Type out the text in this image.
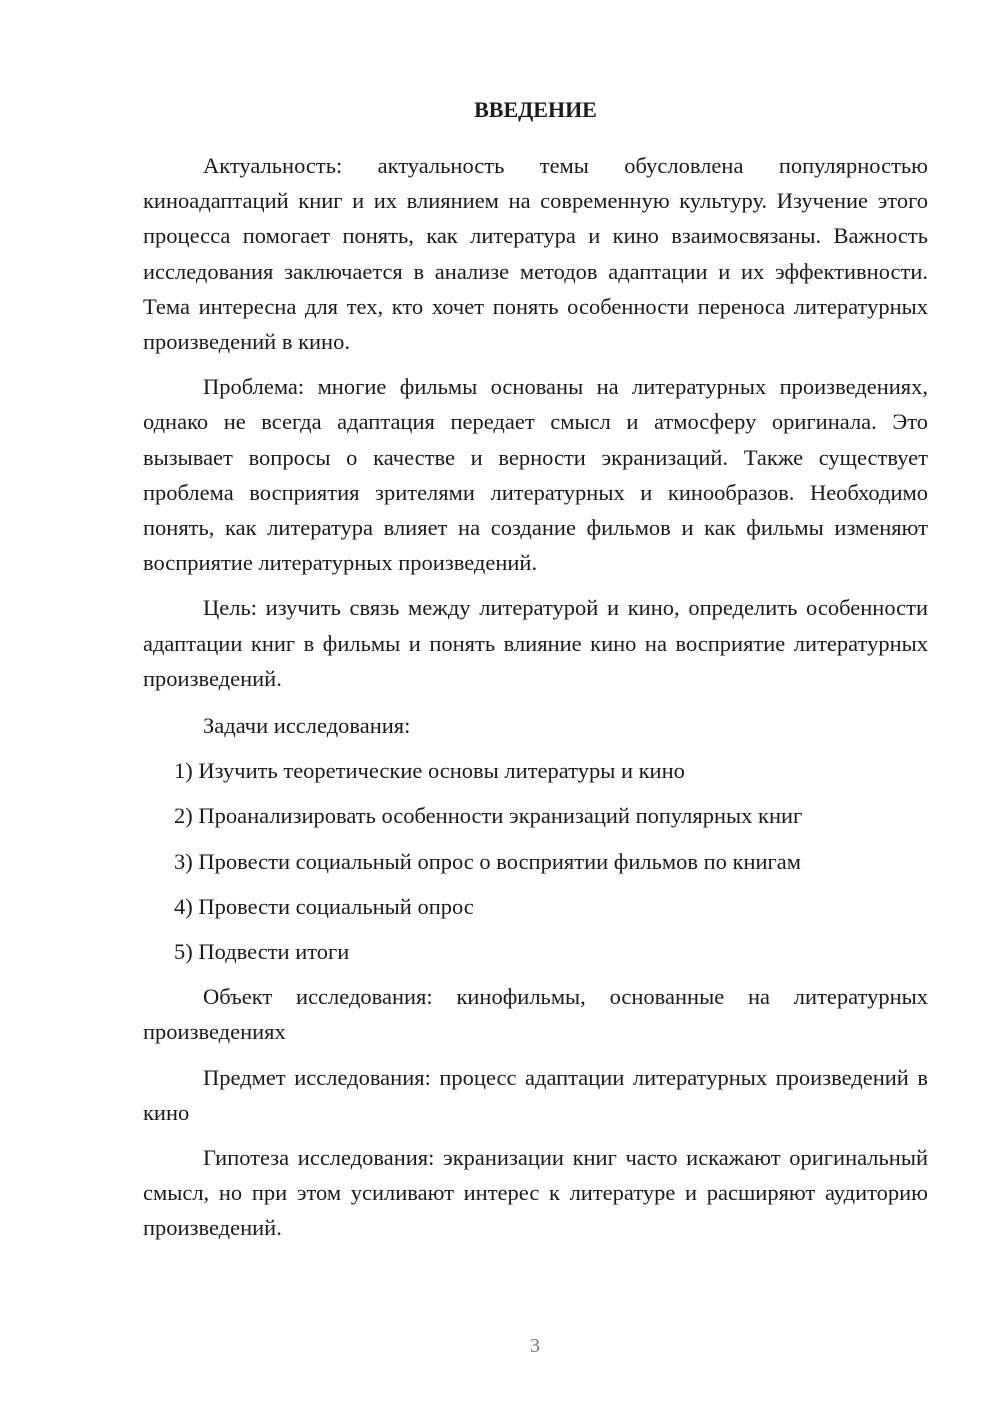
ВВЕДЕНИЕ

Актуальность: актуальность темы обусловлена популярностью киноадаптаций книг и их влиянием на современную культуру. Изучение этого процесса помогает понять, как литература и кино взаимосвязаны. Важность исследования заключается в анализе методов адаптации и их эффективности. Тема интересна для тех, кто хочет понять особенности переноса литературных произведений в кино.

Проблема: многие фильмы основаны на литературных произведениях, однако не всегда адаптация передает смысл и атмосферу оригинала. Это вызывает вопросы о качестве и верности экранизаций. Также существует проблема восприятия зрителями литературных и кинообразов. Необходимо понять, как литература влияет на создание фильмов и как фильмы изменяют восприятие литературных произведений.

Цель: изучить связь между литературой и кино, определить особенности адаптации книг в фильмы и понять влияние кино на восприятие литературных произведений.

Задачи исследования:

1) Изучить теоретические основы литературы и кино
2) Проанализировать особенности экранизаций популярных книг
3) Провести социальный опрос о восприятии фильмов по книгам
4) Провести социальный опрос
5) Подвести итоги

Объект исследования: кинофильмы, основанные на литературных произведениях

Предмет исследования: процесс адаптации литературных произведений в кино

Гипотеза исследования: экранизации книг часто искажают оригинальный смысл, но при этом усиливают интерес к литературе и расширяют аудиторию произведений.

3
